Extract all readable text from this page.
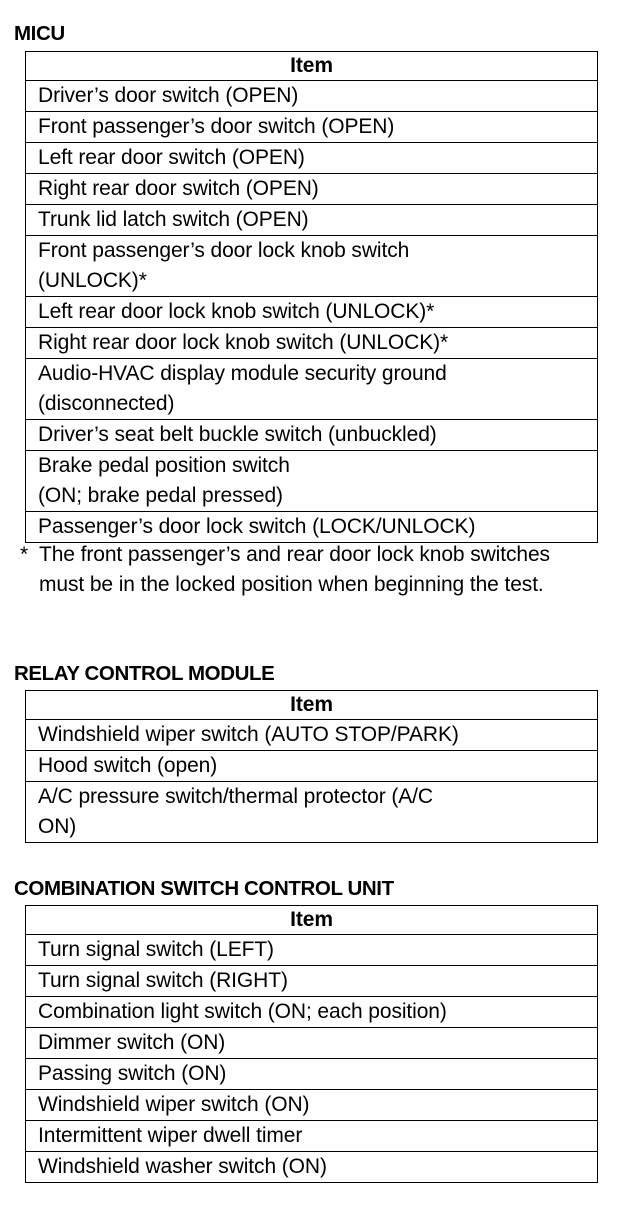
MICU
Item
Driver’s door switch (OPEN)
Front passenger’s door switch (OPEN)
Left rear door switch (OPEN)
Right rear door switch (OPEN)
Trunk lid latch switch (OPEN)
Front passenger’s door lock knob switch
(UNLOCK)*
Left rear door lock knob switch (UNLOCK)*
Right rear door lock knob switch (UNLOCK)*
Audio-HVAC display module security ground
(disconnected)
Driver’s seat belt buckle switch (unbuckled)
Brake pedal position switch
(ON; brake pedal pressed)
Passenger’s door lock switch (LOCK/UNLOCK)
* The front passenger’s and rear door lock knob switches must be in the locked position when beginning the test.
RELAY CONTROL MODULE
Item
Windshield wiper switch (AUTO STOP/PARK)
Hood switch (open)
A/C pressure switch/thermal protector (A/C
ON)
COMBINATION SWITCH CONTROL UNIT
Item
Turn signal switch (LEFT)
Turn signal switch (RIGHT)
Combination light switch (ON; each position)
Dimmer switch (ON)
Passing switch (ON)
Windshield wiper switch (ON)
Intermittent wiper dwell timer
Windshield washer switch (ON)
